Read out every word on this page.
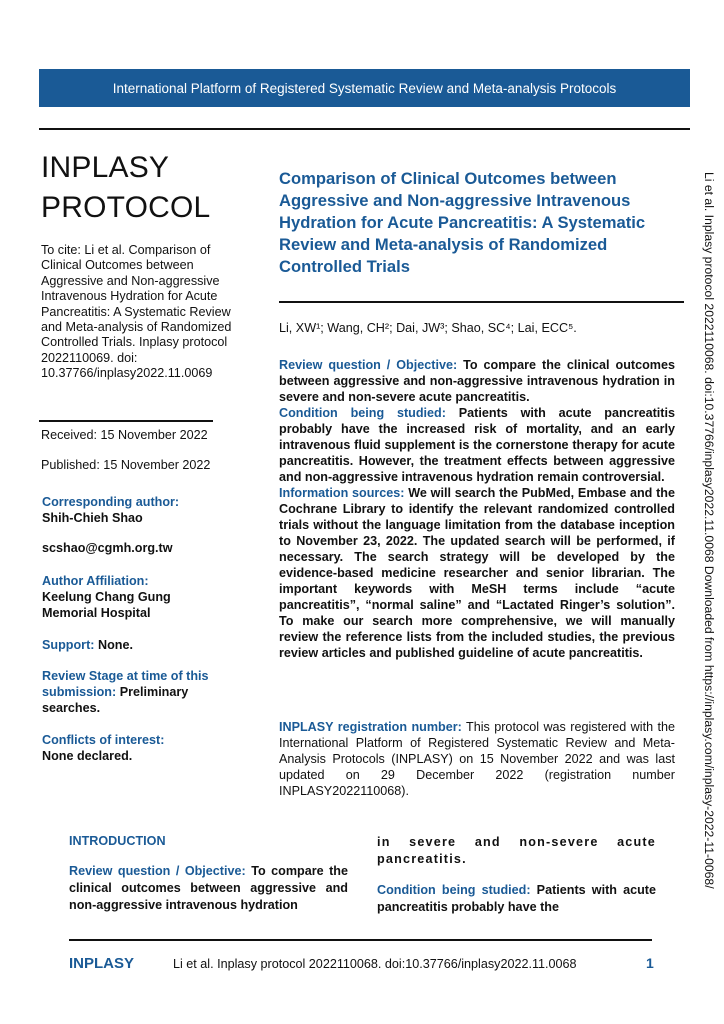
International Platform of Registered Systematic Review and Meta-analysis Protocols
INPLASY
PROTOCOL
To cite: Li et al. Comparison of Clinical Outcomes between Aggressive and Non-aggressive Intravenous Hydration for Acute Pancreatitis: A Systematic Review and Meta-analysis of Randomized Controlled Trials. Inplasy protocol 2022110069. doi: 10.37766/inplasy2022.11.0069
Received: 15 November 2022
Published: 15 November 2022
Corresponding author:
Shih-Chieh Shao
scshao@cgmh.org.tw
Author Affiliation:
Keelung Chang Gung Memorial Hospital
Support: None.
Review Stage at time of this submission: Preliminary searches.
Conflicts of interest:
None declared.
Comparison of Clinical Outcomes between Aggressive and Non-aggressive Intravenous Hydration for Acute Pancreatitis: A Systematic Review and Meta-analysis of Randomized Controlled Trials
Li, XW¹; Wang, CH²; Dai, JW³; Shao, SC⁴; Lai, ECC⁵.

Review question / Objective: To compare the clinical outcomes between aggressive and non-aggressive intravenous hydration in severe and non-severe acute pancreatitis.

Condition being studied: Patients with acute pancreatitis probably have the increased risk of mortality, and an early intravenous fluid supplement is the cornerstone therapy for acute pancreatitis. However, the treatment effects between aggressive and non-aggressive intravenous hydration remain controversial.

Information sources: We will search the PubMed, Embase and the Cochrane Library to identify the relevant randomized controlled trials without the language limitation from the database inception to November 23, 2022. The updated search will be performed, if necessary. The search strategy will be developed by the evidence-based medicine researcher and senior librarian. The important keywords with MeSH terms include “acute pancreatitis”, “normal saline” and “Lactated Ringer’s solution”. To make our search more comprehensive, we will manually review the reference lists from the included studies, the previous review articles and published guideline of acute pancreatitis.

INPLASY registration number: This protocol was registered with the International Platform of Registered Systematic Review and Meta-Analysis Protocols (INPLASY) on 15 November 2022 and was last updated on 29 December 2022 (registration number INPLASY2022110068).

INTRODUCTION

Review question / Objective: To compare the clinical outcomes between aggressive and non-aggressive intravenous hydration

in severe and non-severe acute pancreatitis.

Condition being studied: Patients with acute pancreatitis probably have the

INPLASY	Li et al. Inplasy protocol 2022110068. doi:10.37766/inplasy2022.11.0068	1
Li et al. Inplasy protocol 2022110068. doi:10.37766/inplasy2022.11.0068 Downloaded from https://inplasy.com/inplasy-2022-11-0068/
